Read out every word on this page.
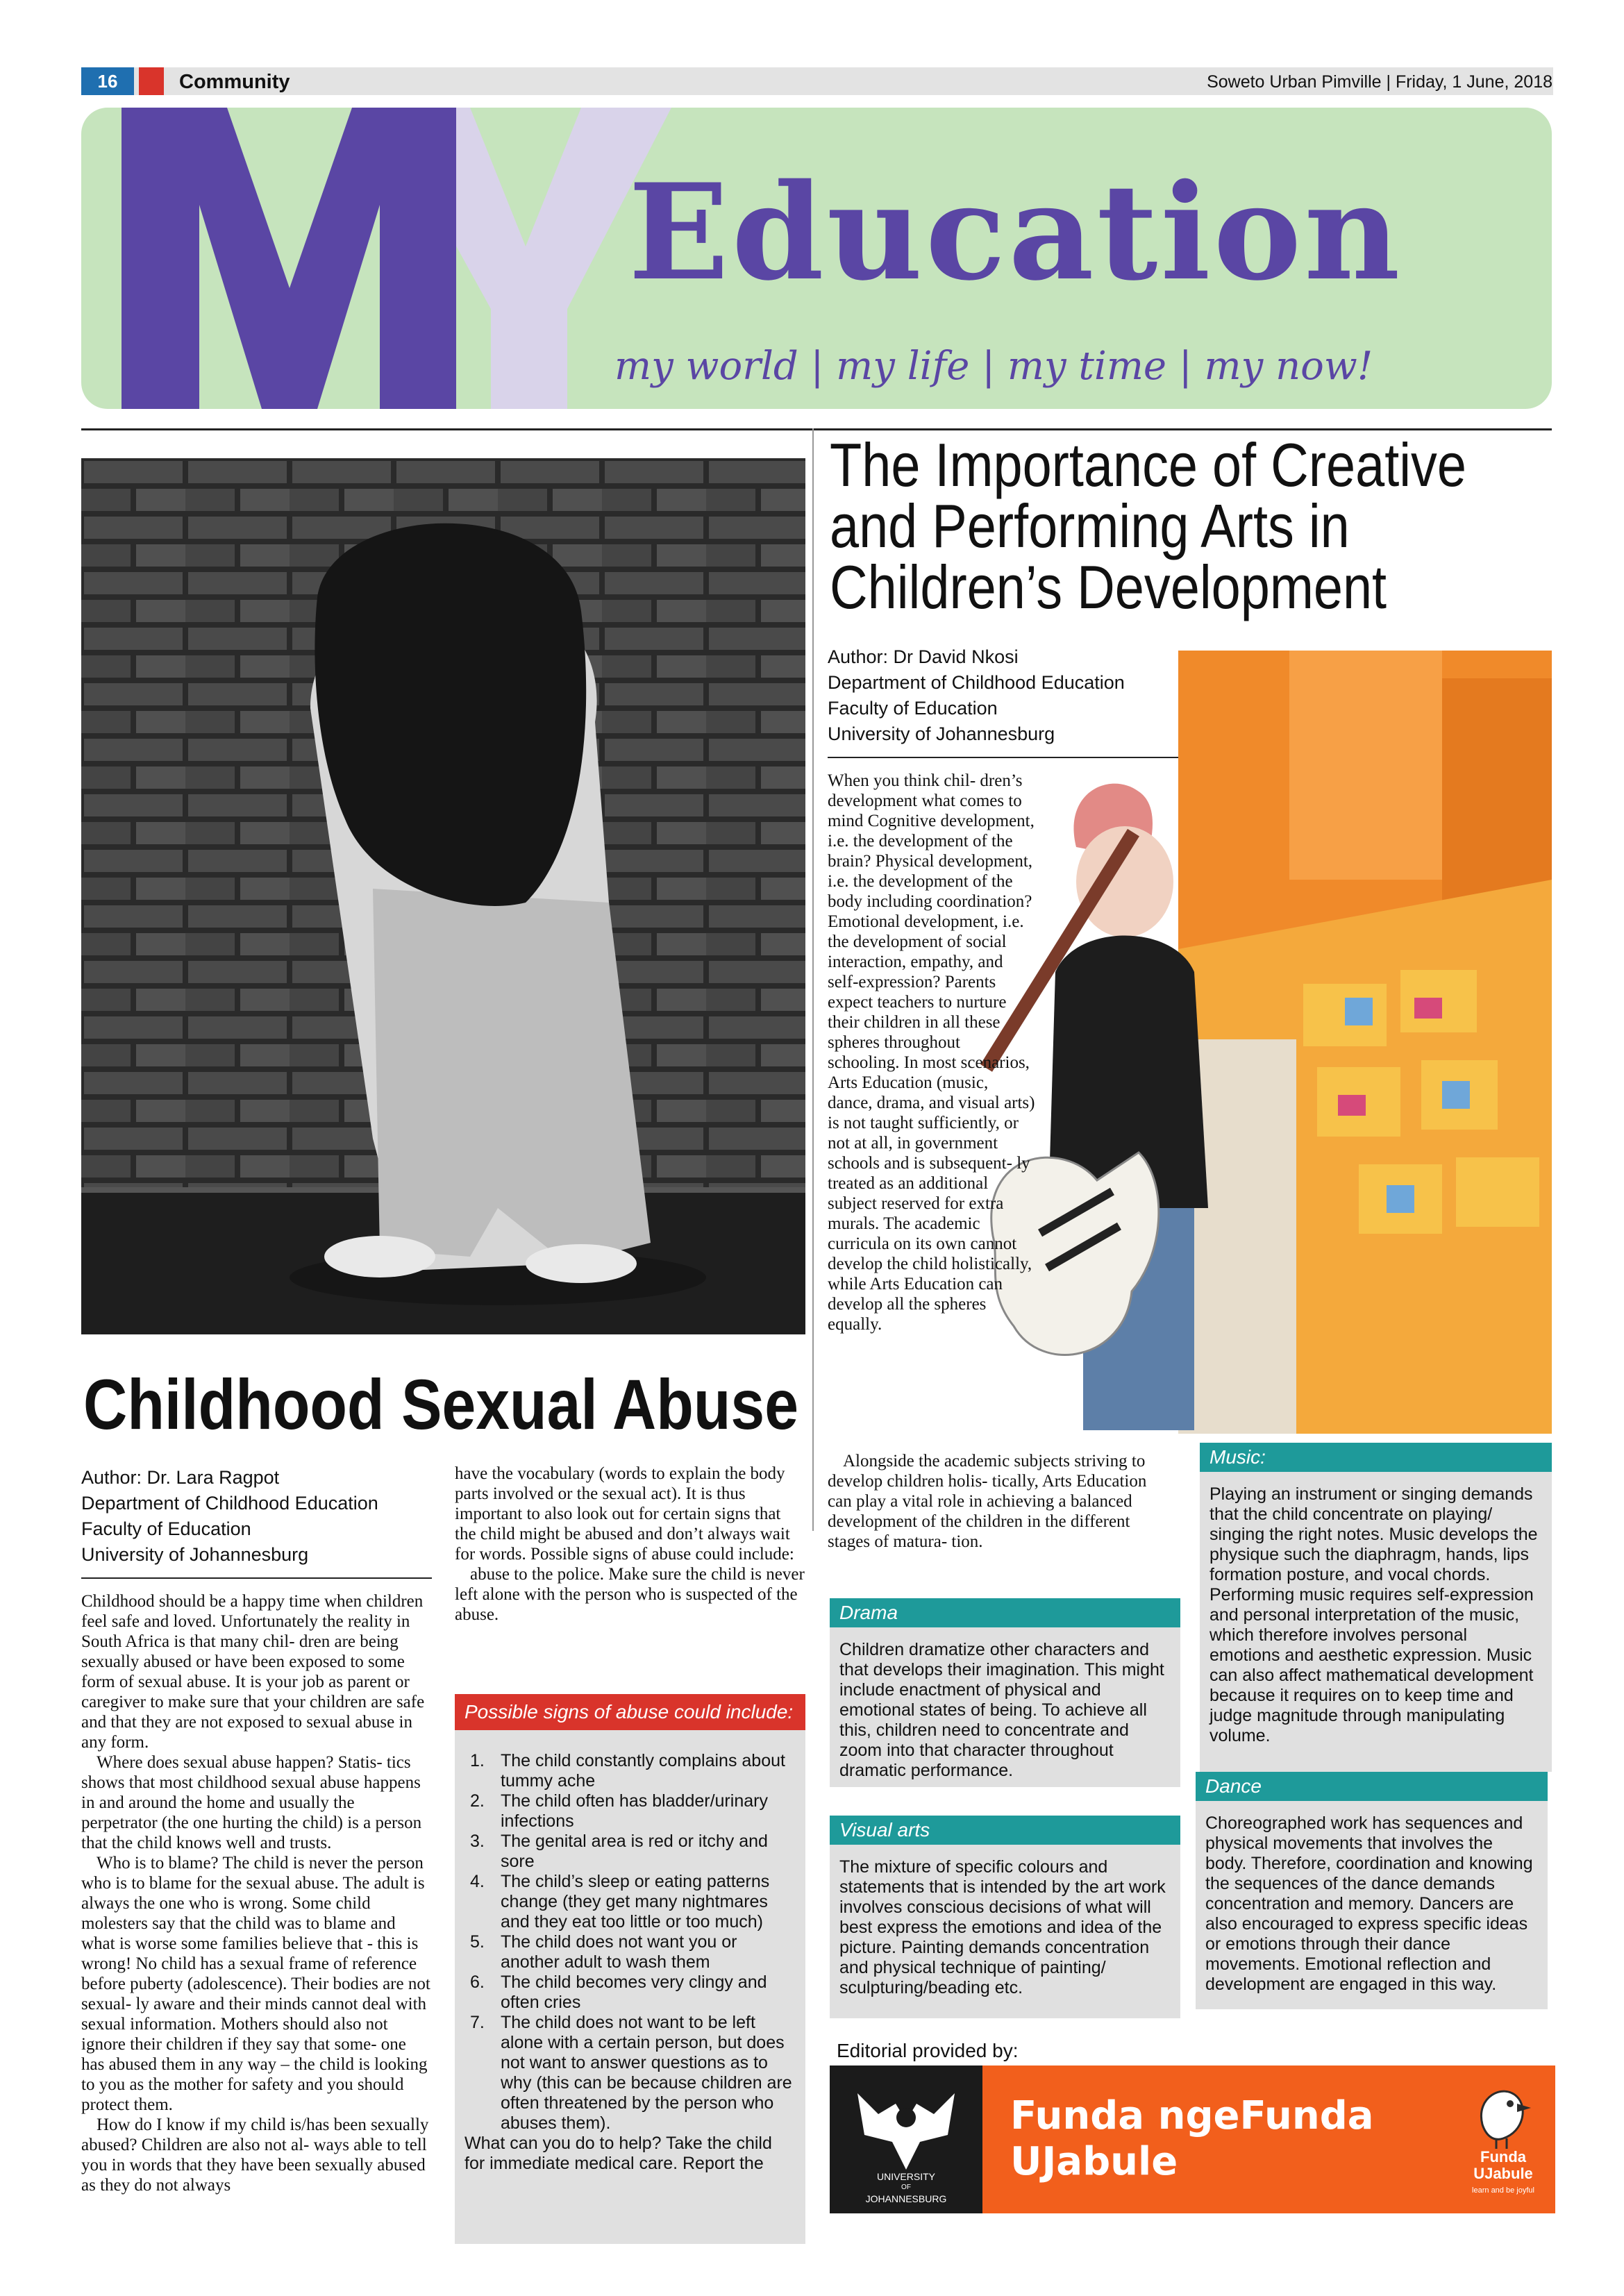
16	Community	Soweto Urban Pimville | Friday, 1 June, 2018
Education
my world | my life | my time | my now!
Childhood Sexual Abuse
Author: Dr. Lara Ragpot
Department of Childhood Education
Faculty of Education
University of Johannesburg

Childhood should be a happy time when children feel safe and loved. Unfortunately the reality in South Africa is that many chil- dren are being sexually abused or have been exposed to some form of sexual abuse. It is your job as parent or caregiver to make sure that your children are safe and that they are not exposed to sexual abuse in any form.

Where does sexual abuse happen? Statis- tics shows that most childhood sexual abuse happens in and around the home and usually the perpetrator (the one hurting the child) is a person that the child knows well and trusts.

Who is to blame? The child is never the person who is to blame for the sexual abuse. The adult is always the one who is wrong. Some child molesters say that the child was to blame and what is worse some families believe that - this is wrong! No child has a sexual frame of reference before puberty (adolescence). Their bodies are not sexual- ly aware and their minds cannot deal with sexual information. Mothers should also not ignore their children if they say that some- one has abused them in any way – the child is looking to you as the mother for safety and you should protect them.

How do I know if my child is/has been sexually abused? Children are also not al- ways able to tell you in words that they have been sexually abused as they do not always

have the vocabulary (words to explain the body parts involved or the sexual act). It is thus important to also look out for certain signs that the child might be abused and don’t always wait for words. Possible signs of abuse could include:

abuse to the police. Make sure the child is never left alone with the person who is suspected of the abuse.

Possible signs of abuse could include:
1. The child constantly complains about tummy ache
2. The child often has bladder/urinary infections
3. The genital area is red or itchy and sore
4. The child’s sleep or eating patterns change (they get many nightmares and they eat too little or too much)
5. The child does not want you or another adult to wash them
6. The child becomes very clingy and often cries
7. The child does not want to be left alone with a certain person, but does not want to answer questions as to why (this can be because children are often threatened by the person who abuses them).
What can you do to help? Take the child for immediate medical care. Report the
The Importance of Creative and Performing Arts in Children’s Development
Author: Dr David Nkosi
Department of Childhood Education
Faculty of Education
University of Johannesburg

When you think chil- dren’s development what comes to mind Cognitive development, i.e. the development of the brain? Physical development, i.e. the development of the body including coordination? Emotional development, i.e. the development of social interaction, empathy, and self-expression? Parents expect teachers to nurture their children in all these spheres throughout schooling. In most scenarios, Arts Education (music, dance, drama, and visual arts) is not taught sufficiently, or not at all, in government schools and is subsequent- ly treated as an additional subject reserved for extra murals. The academic curricula on its own cannot develop the child holistically, while Arts Education can develop all the spheres equally.

Alongside the academic subjects striving to develop children holis- tically, Arts Education can play a vital role in achieving a balanced development of the children in the different stages of matura- tion.

Drama
Children dramatize other characters and that develops their imagination. This might include enactment of physical and emotional states of being. To achieve all this, children need to concentrate and zoom into that character throughout dramatic performance.
Visual arts
The mixture of specific colours and statements that is intended by the art work involves conscious decisions of what will best express the emotions and idea of the picture. Painting demands concentration and physical technique of painting/ sculpturing/beading etc.
Music:
Playing an instrument or singing demands that the child concentrate on playing/ singing the right notes. Music develops the physique such the diaphragm, hands, lips formation posture, and vocal chords. Performing music requires self-expression and personal interpretation of the music, which therefore involves personal emotions and aesthetic expression. Music can also affect mathematical development because it requires on to keep time and judge magnitude through manipulating volume.
Dance
Choreographed work has sequences and physical movements that involves the body. Therefore, coordination and knowing the sequences of the dance demands concentration and memory. Dancers are also encouraged to express specific ideas or emotions through their dance movements. Emotional reflection and development are engaged in this way.
Editorial provided by:
UNIVERSITY
OF
JOHANNESBURG
Funda ngeFunda
UJabule	Funda
UJabule
learn and be joyful
